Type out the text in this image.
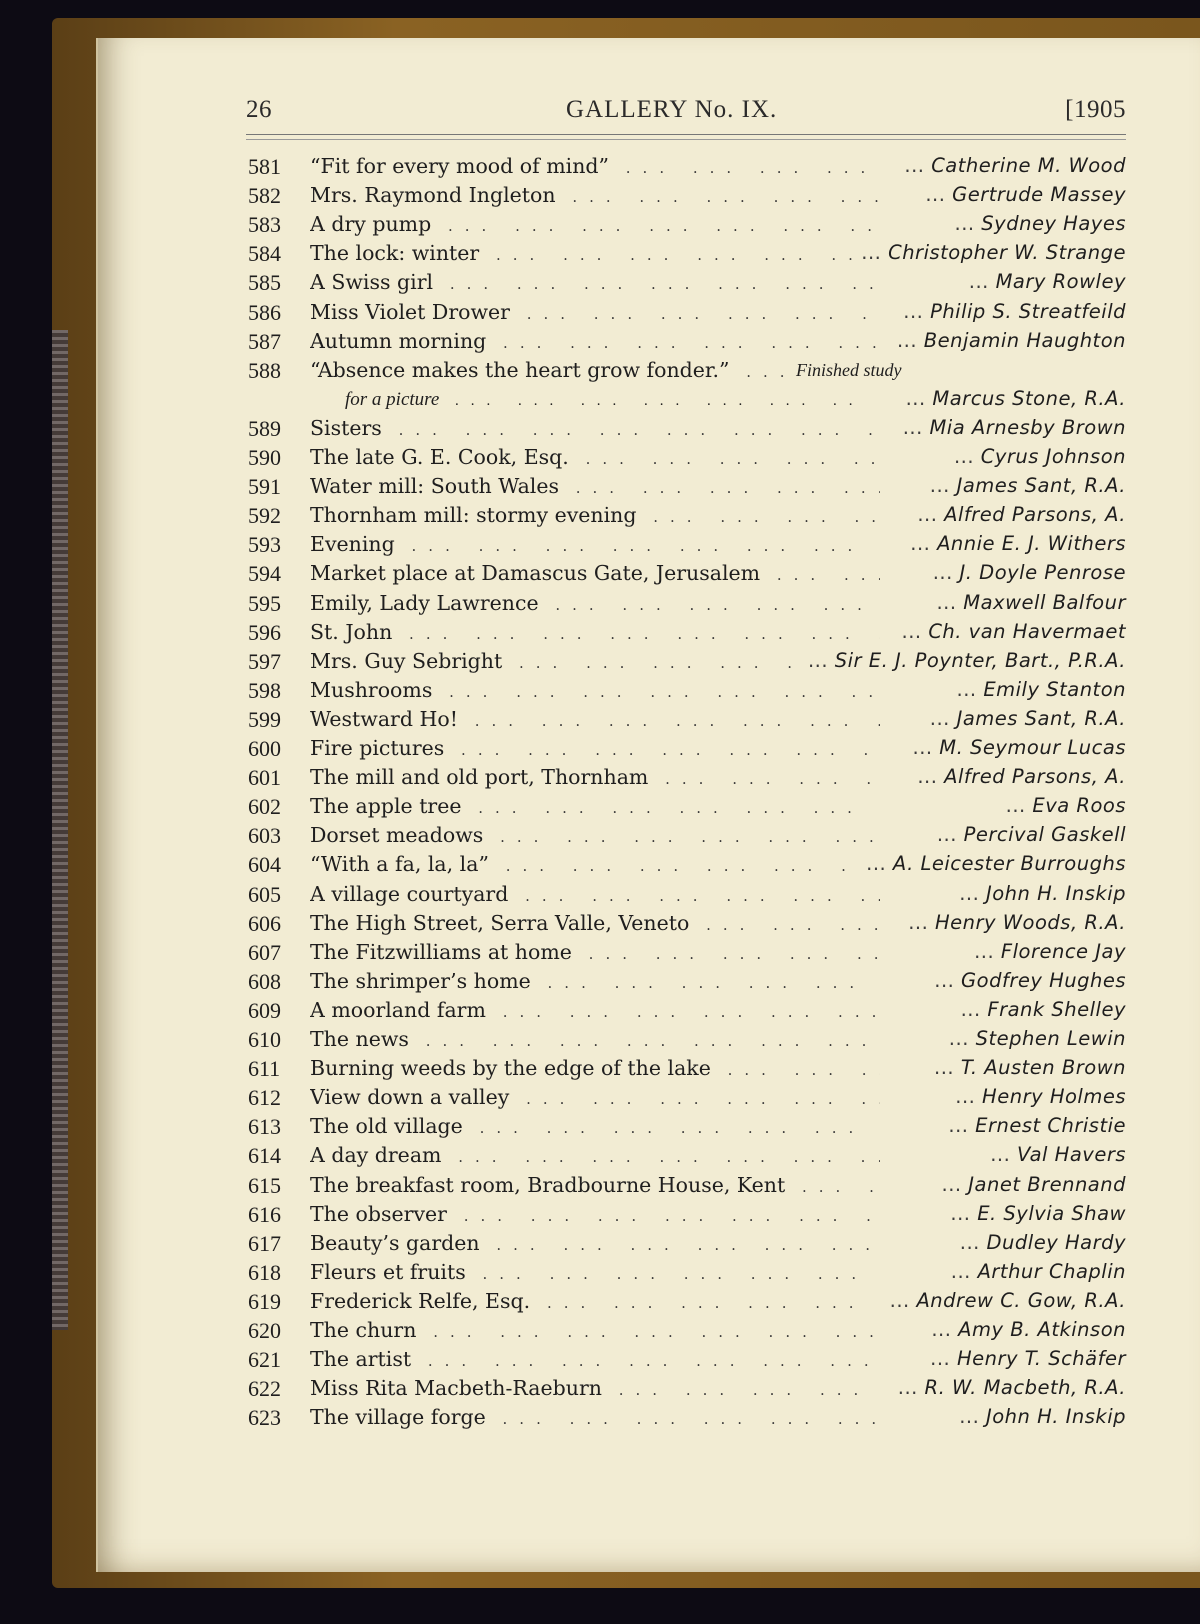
26	GALLERY No. IX.	[1905
581 “Fit for every mood of mind” ... .	... Catherine M. Wood
582 Mrs. Raymond Ingleton ... .	... Gertrude Massey
583 A dry pump ... .	... Sydney Hayes
584 The lock: winter ... .	... Christopher W. Strange
585 A Swiss girl ... .	... Mary Rowley
586 Miss Violet Drower ... .	... Philip S. Streatfeild
587 Autumn morning ... .	... Benjamin Haughton
588 “Absence makes the heart grow fonder.” ... .	Finished study
for a picture ... .	... Marcus Stone, R.A.
589 Sisters ... .	... Mia Arnesby Brown
590 The late G. E. Cook, Esq. ... .	... Cyrus Johnson
591 Water mill: South Wales ... .	... James Sant, R.A.
592 Thornham mill: stormy evening ... .	... Alfred Parsons, A.
593 Evening ... .	... Annie E. J. Withers
594 Market place at Damascus Gate, Jerusalem ... .	... J. Doyle Penrose
595 Emily, Lady Lawrence ... .	... Maxwell Balfour
596 St. John ... .	... Ch. van Havermaet
597 Mrs. Guy Sebright ... .	... Sir E. J. Poynter, Bart., P.R.A.
598 Mushrooms ... .	... Emily Stanton
599 Westward Ho! ... .	... James Sant, R.A.
600 Fire pictures ... .	... M. Seymour Lucas
601 The mill and old port, Thornham ... .	... Alfred Parsons, A.
602 The apple tree ... .	... Eva Roos
603 Dorset meadows ... .	... Percival Gaskell
604 “With a fa, la, la” ... .	... A. Leicester Burroughs
605 A village courtyard ... .	... John H. Inskip
606 The High Street, Serra Valle, Veneto ... .	... Henry Woods, R.A.
607 The Fitzwilliams at home ... .	... Florence Jay
608 The shrimper’s home ... .	... Godfrey Hughes
609 A moorland farm ... .	... Frank Shelley
610 The news ... .	... Stephen Lewin
611 Burning weeds by the edge of the lake ... .	... T. Austen Brown
612 View down a valley ... .	... Henry Holmes
613 The old village ... .	... Ernest Christie
614 A day dream ... .	... Val Havers
615 The breakfast room, Bradbourne House, Kent ... .	... Janet Brennand
616 The observer ... .	... E. Sylvia Shaw
617 Beauty’s garden ... .	... Dudley Hardy
618 Fleurs et fruits ... .	... Arthur Chaplin
619 Frederick Relfe, Esq. ... .	... Andrew C. Gow, R.A.
620 The churn ... .	... Amy B. Atkinson
621 The artist ... .	... Henry T. Schäfer
622 Miss Rita Macbeth-Raeburn ... .	... R. W. Macbeth, R.A.
623 The village forge ... .	... John H. Inskip
